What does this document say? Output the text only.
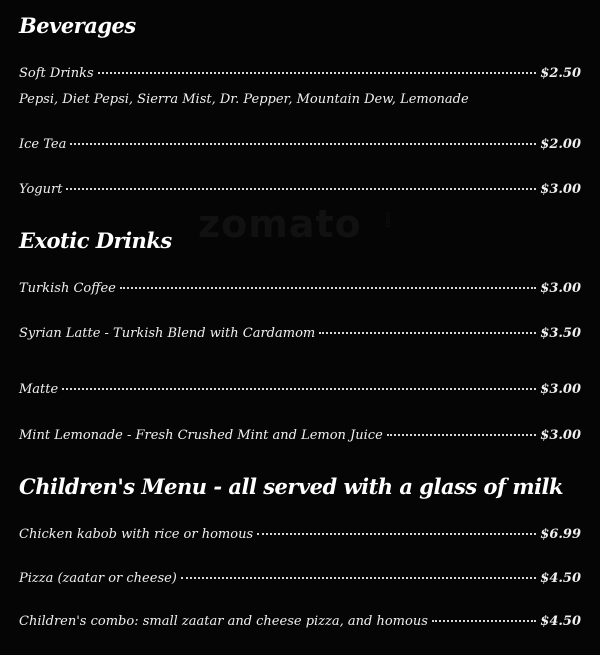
zomato	.com
Beverages
Soft Drinks	$2.50
Pepsi, Diet Pepsi, Sierra Mist, Dr. Pepper, Mountain Dew, Lemonade
Ice Tea	$2.00
Yogurt	$3.00
Exotic Drinks
Turkish Coffee	$3.00
Syrian Latte - Turkish Blend with Cardamom	$3.50
Matte	$3.00
Mint Lemonade - Fresh Crushed Mint and Lemon Juice	$3.00
Children's Menu - all served with a glass of milk
Chicken kabob with rice or homous	$6.99
Pizza (zaatar or cheese)	$4.50
Children's combo: small zaatar and cheese pizza, and homous	$4.50
